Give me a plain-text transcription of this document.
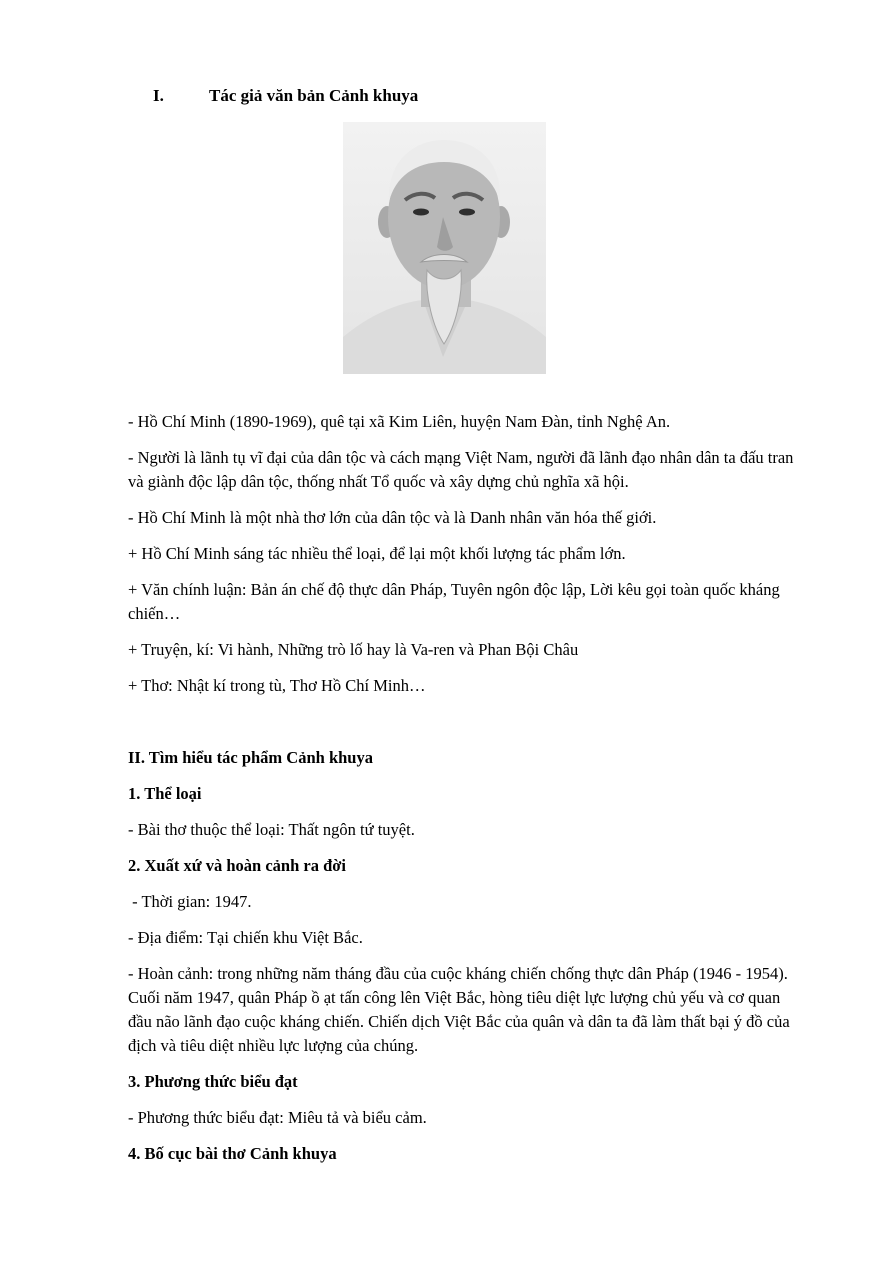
I.	Tác giả văn bản Cảnh khuya
- Hồ Chí Minh (1890-1969), quê tại xã Kim Liên, huyện Nam Đàn, tỉnh Nghệ An.
- Người là lãnh tụ vĩ đại của dân tộc và cách mạng Việt Nam, người đã lãnh đạo nhân dân ta đấu tran và giành độc lập dân tộc, thống nhất Tổ quốc và xây dựng chủ nghĩa xã hội.
- Hồ Chí Minh là một nhà thơ lớn của dân tộc và là Danh nhân văn hóa thế giới.
+ Hồ Chí Minh sáng tác nhiều thể loại, để lại một khối lượng tác phẩm lớn.
+ Văn chính luận: Bản án chế độ thực dân Pháp, Tuyên ngôn độc lập, Lời kêu gọi toàn quốc kháng chiến…
+ Truyện, kí: Vi hành, Những trò lố hay là Va-ren và Phan Bội Châu
+ Thơ: Nhật kí trong tù, Thơ Hồ Chí Minh…
II. Tìm hiểu tác phẩm Cảnh khuya
1. Thể loại
- Bài thơ thuộc thể loại: Thất ngôn tứ tuyệt.
2. Xuất xứ và hoàn cảnh ra đời
- Thời gian: 1947.
- Địa điểm: Tại chiến khu Việt Bắc.
- Hoàn cảnh: trong những năm tháng đầu của cuộc kháng chiến chống thực dân Pháp (1946 - 1954). Cuối năm 1947, quân Pháp ồ ạt tấn công lên Việt Bắc, hòng tiêu diệt lực lượng chủ yếu và cơ quan đầu não lãnh đạo cuộc kháng chiến. Chiến dịch Việt Bắc của quân và dân ta đã làm thất bại ý đồ của địch và tiêu diệt nhiều lực lượng của chúng.
3. Phương thức biểu đạt
- Phương thức biểu đạt: Miêu tả và biểu cảm.
4. Bố cục bài thơ Cảnh khuya
